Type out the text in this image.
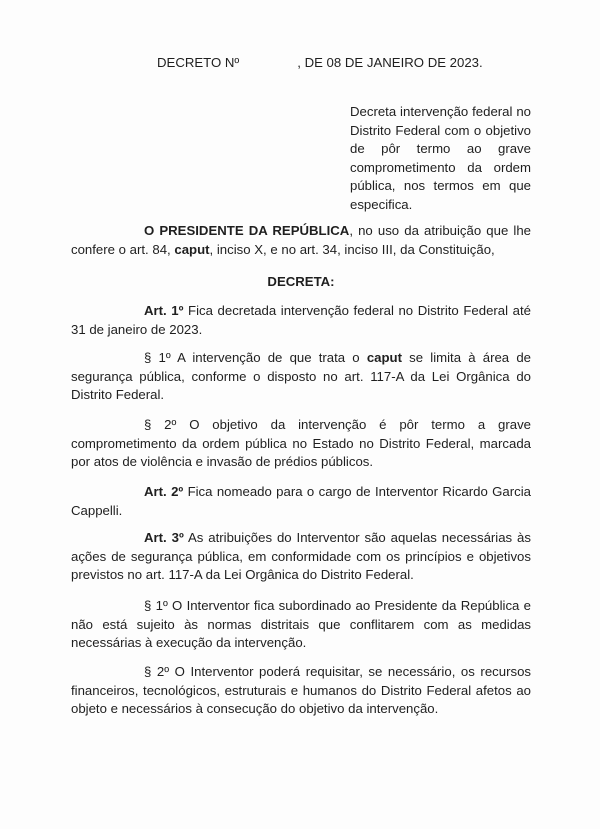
DECRETO Nº	, DE 08 DE JANEIRO DE 2023.
Decreta intervenção federal no Distrito Federal com o objetivo de pôr termo ao grave comprometimento da ordem pública, nos termos em que especifica.
O PRESIDENTE DA REPÚBLICA, no uso da atribuição que lhe confere o art. 84, caput, inciso X, e no art. 34, inciso III, da Constituição,
DECRETA:
Art. 1º Fica decretada intervenção federal no Distrito Federal até 31 de janeiro de 2023.
§ 1º A intervenção de que trata o caput se limita à área de segurança pública, conforme o disposto no art. 117-A da Lei Orgânica do Distrito Federal.
§ 2º O objetivo da intervenção é pôr termo a grave comprometimento da ordem pública no Estado no Distrito Federal, marcada por atos de violência e invasão de prédios públicos.
Art. 2º Fica nomeado para o cargo de Interventor Ricardo Garcia Cappelli.
Art. 3º As atribuições do Interventor são aquelas necessárias às ações de segurança pública, em conformidade com os princípios e objetivos previstos no art. 117-A da Lei Orgânica do Distrito Federal.
§ 1º O Interventor fica subordinado ao Presidente da República e não está sujeito às normas distritais que conflitarem com as medidas necessárias à execução da intervenção.
§ 2º O Interventor poderá requisitar, se necessário, os recursos financeiros, tecnológicos, estruturais e humanos do Distrito Federal afetos ao objeto e necessários à consecução do objetivo da intervenção.
